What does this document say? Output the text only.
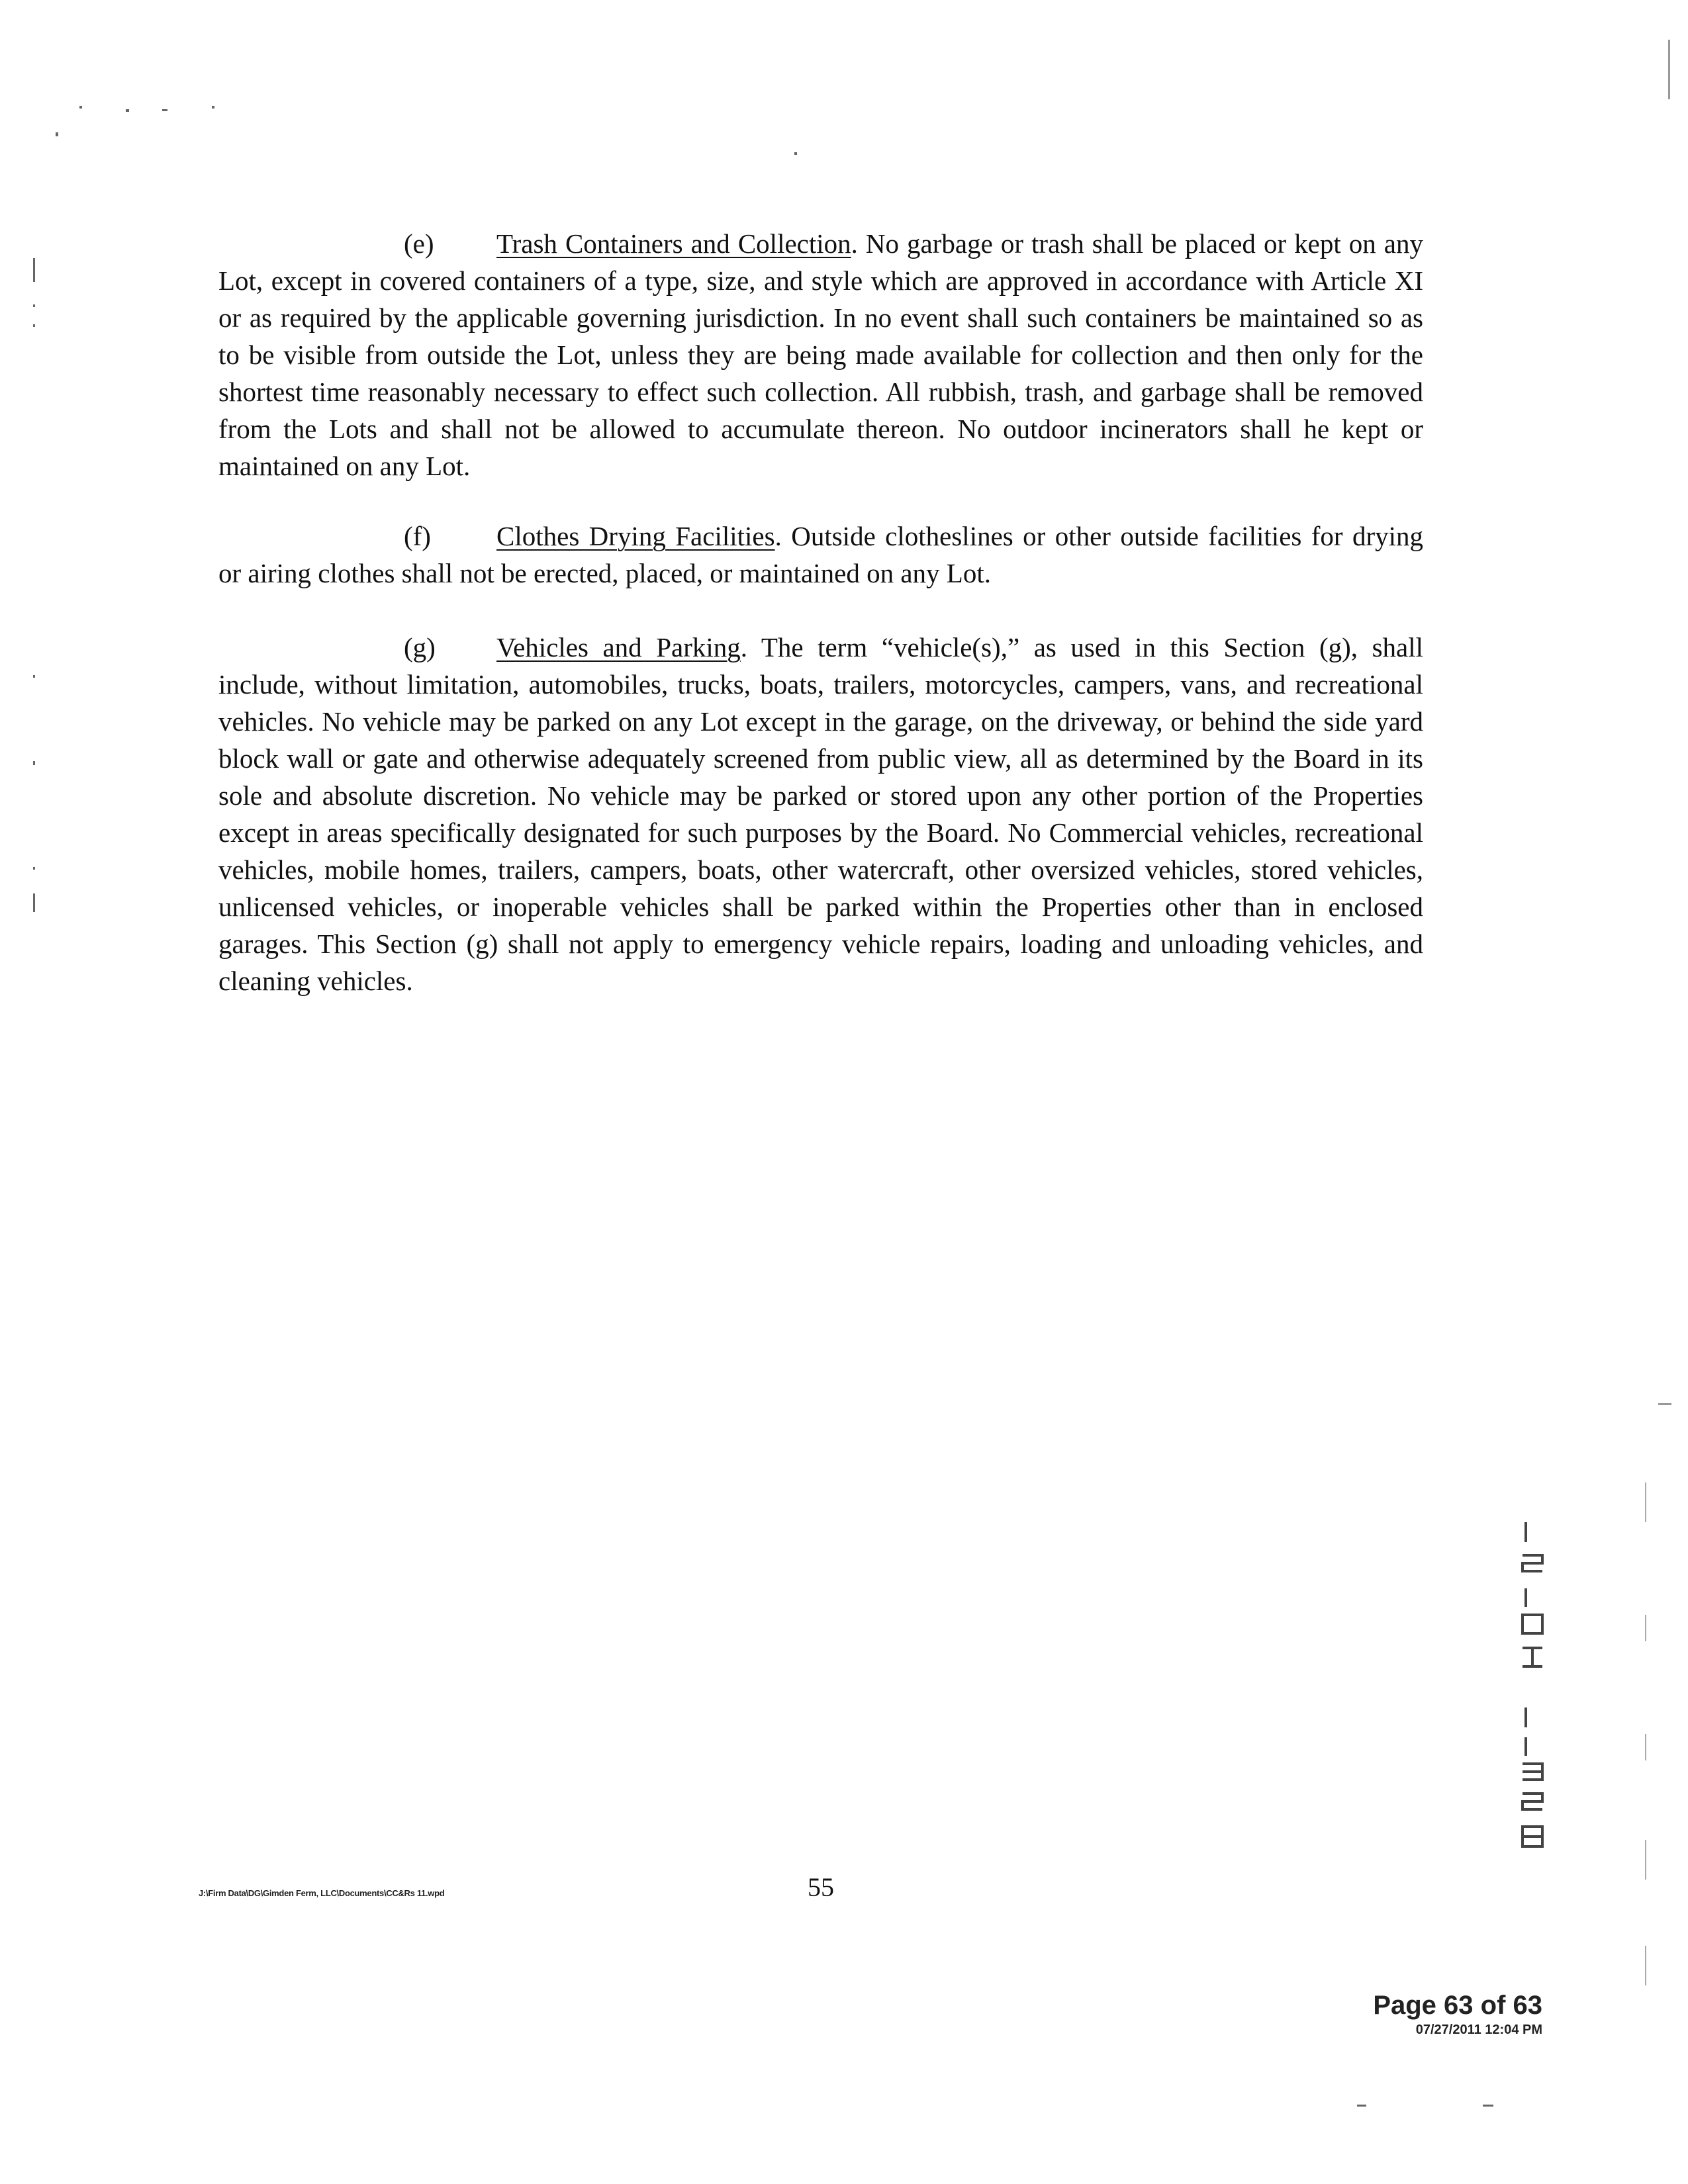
(e) Trash Containers and Collection. No garbage or trash shall be placed or kept on any Lot, except in covered containers of a type, size, and style which are approved in accordance with Article XI or as required by the applicable governing jurisdiction. In no event shall such containers be maintained so as to be visible from outside the Lot, unless they are being made available for collection and then only for the shortest time reasonably necessary to effect such collection. All rubbish, trash, and garbage shall be removed from the Lots and shall not be allowed to accumulate thereon. No outdoor incinerators shall he kept or maintained on any Lot.
(f) Clothes Drying Facilities. Outside clotheslines or other outside facilities for drying or airing clothes shall not be erected, placed, or maintained on any Lot.
(g) Vehicles and Parking. The term “vehicle(s),” as used in this Section (g), shall include, without limitation, automobiles, trucks, boats, trailers, motorcycles, campers, vans, and recreational vehicles. No vehicle may be parked on any Lot except in the garage, on the driveway, or behind the side yard block wall or gate and otherwise adequately screened from public view, all as determined by the Board in its sole and absolute discretion. No vehicle may be parked or stored upon any other portion of the Properties except in areas specifically designated for such purposes by the Board. No Commercial vehicles, recreational vehicles, mobile homes, trailers, campers, boats, other watercraft, other oversized vehicles, stored vehicles, unlicensed vehicles, or inoperable vehicles shall be parked within the Properties other than in enclosed garages. This Section (g) shall not apply to emergency vehicle repairs, loading and unloading vehicles, and cleaning vehicles.
J:\Firm Data\DG\Gimden Ferm, LLC\Documents\CC&Rs 11.wpd	55
Page 63 of 63
07/27/2011 12:04 PM
